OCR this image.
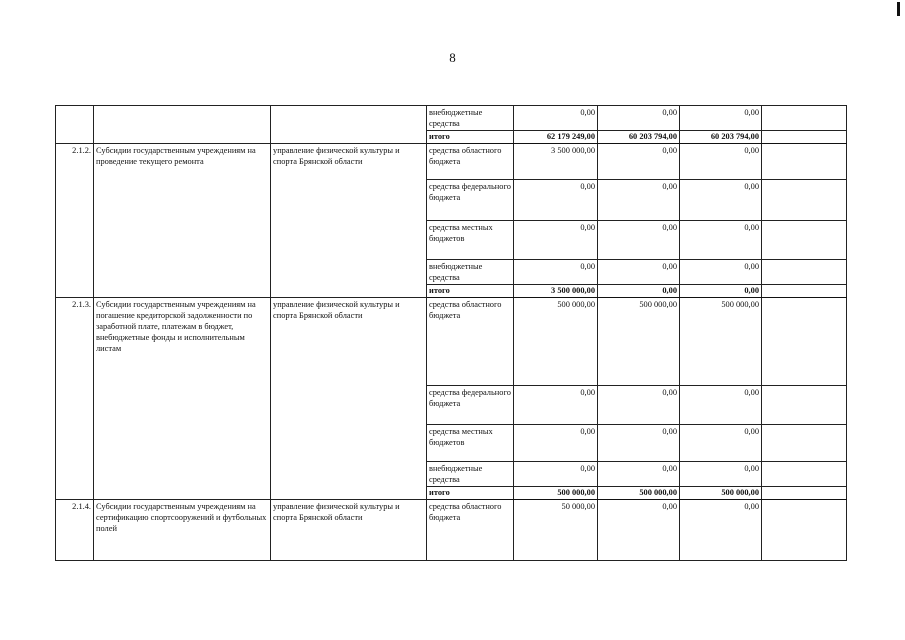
8
			внебюджетные средства	0,00	0,00	0,00	
			итого	62 179 249,00	60 203 794,00	60 203 794,00	
2.1.2.	Субсидии государственным учреждениям на проведение текущего ремонта	управление физической культуры и спорта Брянской области	средства областного бюджета	3 500 000,00	0,00	0,00	
			средства федерального бюджета	0,00	0,00	0,00	
			средства местных бюджетов	0,00	0,00	0,00	
			внебюджетные средства	0,00	0,00	0,00	
			итого	3 500 000,00	0,00	0,00	
2.1.3.	Субсидии государственным учреждениям на погашение кредиторской задолженности по заработной плате, платежам в бюджет, внебюджетные фонды и исполнительным листам	управление физической культуры и спорта Брянской области	средства областного бюджета	500 000,00	500 000,00	500 000,00	
			средства федерального бюджета	0,00	0,00	0,00	
			средства местных бюджетов	0,00	0,00	0,00	
			внебюджетные средства	0,00	0,00	0,00	
			итого	500 000,00	500 000,00	500 000,00	
2.1.4.	Субсидии государственным учреждениям на сертификацию спортсооружений и футбольных полей	управление физической культуры и спорта Брянской области	средства областного бюджета	50 000,00	0,00	0,00	
